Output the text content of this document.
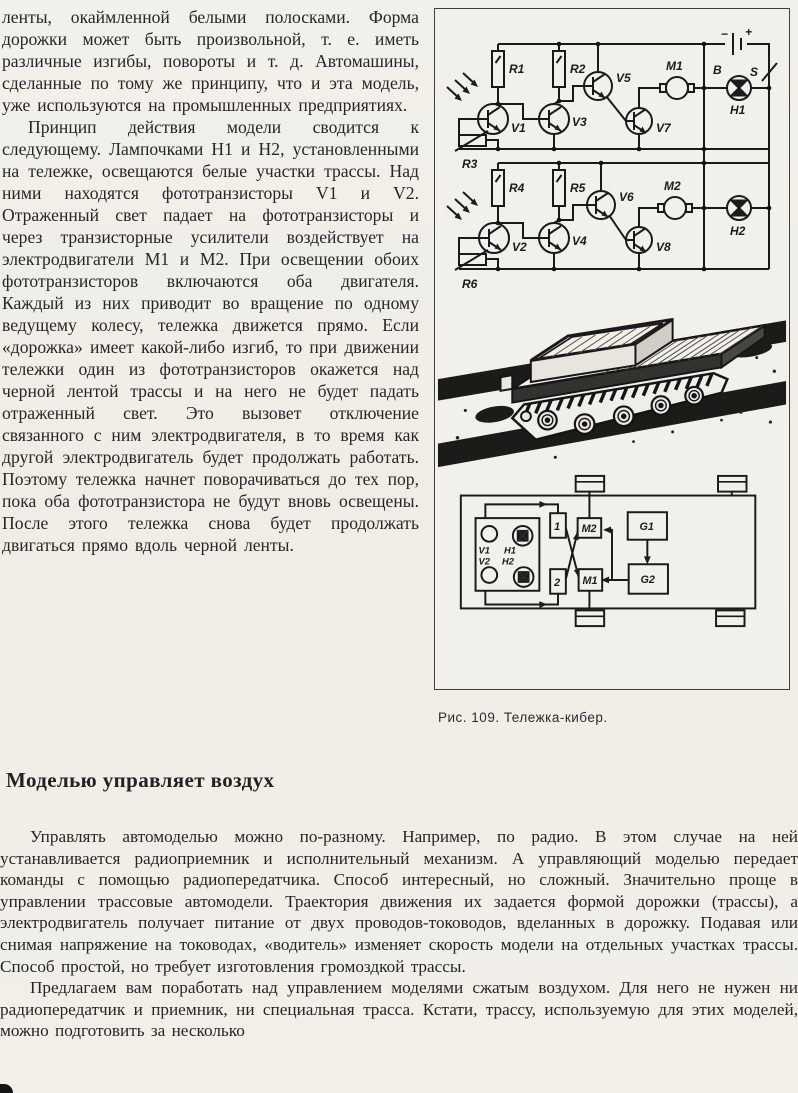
ленты, окаймленной белыми полосками. Форма дорожки может быть произвольной, т. е. иметь различные изгибы, повороты и т. д. Автомашины, сделанные по тому же принципу, что и эта модель, уже используются на промышленных предприятиях.

Принцип действия модели сводится к следующему. Лампочками H1 и H2, установленными на тележке, освещаются белые участки трассы. Над ними находятся фототранзисторы V1 и V2. Отраженный свет падает на фототранзисторы и через транзисторные усилители воздействует на электродвигатели M1 и M2. При освещении обоих фототранзисторов включаются оба двигателя. Каждый из них приводит во вращение по одному ведущему колесу, тележка движется прямо. Если «дорожка» имеет какой-либо изгиб, то при движении тележки один из фототранзисторов окажется над черной лентой трассы и на него не будет падать отраженный свет. Это вызовет отключение связанного с ним электродвигателя, в то время как другой электродвигатель будет продолжать работать. Поэтому тележка начнет поворачиваться до тех пор, пока оба фототранзистора не будут вновь освещены. После этого тележка снова будет продолжать двигаться прямо вдоль черной ленты.

R1	R2
R3
R4	R5
R6
V1	V3
V5
V7
V2	V4
V6
V8
M1
M2
H1
H2
B S
− +
V1 H1
V2 H2
1
2
M2
M1
G1
G2
Рис. 109. Тележка-кибер.
Моделью управляет воздух

Управлять автомоделью можно по-разному. Например, по радио. В этом случае на ней устанавливается радиоприемник и исполнительный механизм. А управляющий моделью передает команды с помощью радиопередатчика. Способ интересный, но сложный. Значительно проще в управлении трассовые автомодели. Траектория движения их задается формой дорожки (трассы), а электродвигатель получает питание от двух проводов-тоководов, вделанных в дорожку. Подавая или снимая напряжение на тоководах, «водитель» изменяет скорость модели на отдельных участках трассы. Способ простой, но требует изготовления громоздкой трассы.

Предлагаем вам поработать над управлением моделями сжатым воздухом. Для него не нужен ни радиопередатчик и приемник, ни специальная трасса. Кстати, трассу, используемую для этих моделей, можно подготовить за несколько
